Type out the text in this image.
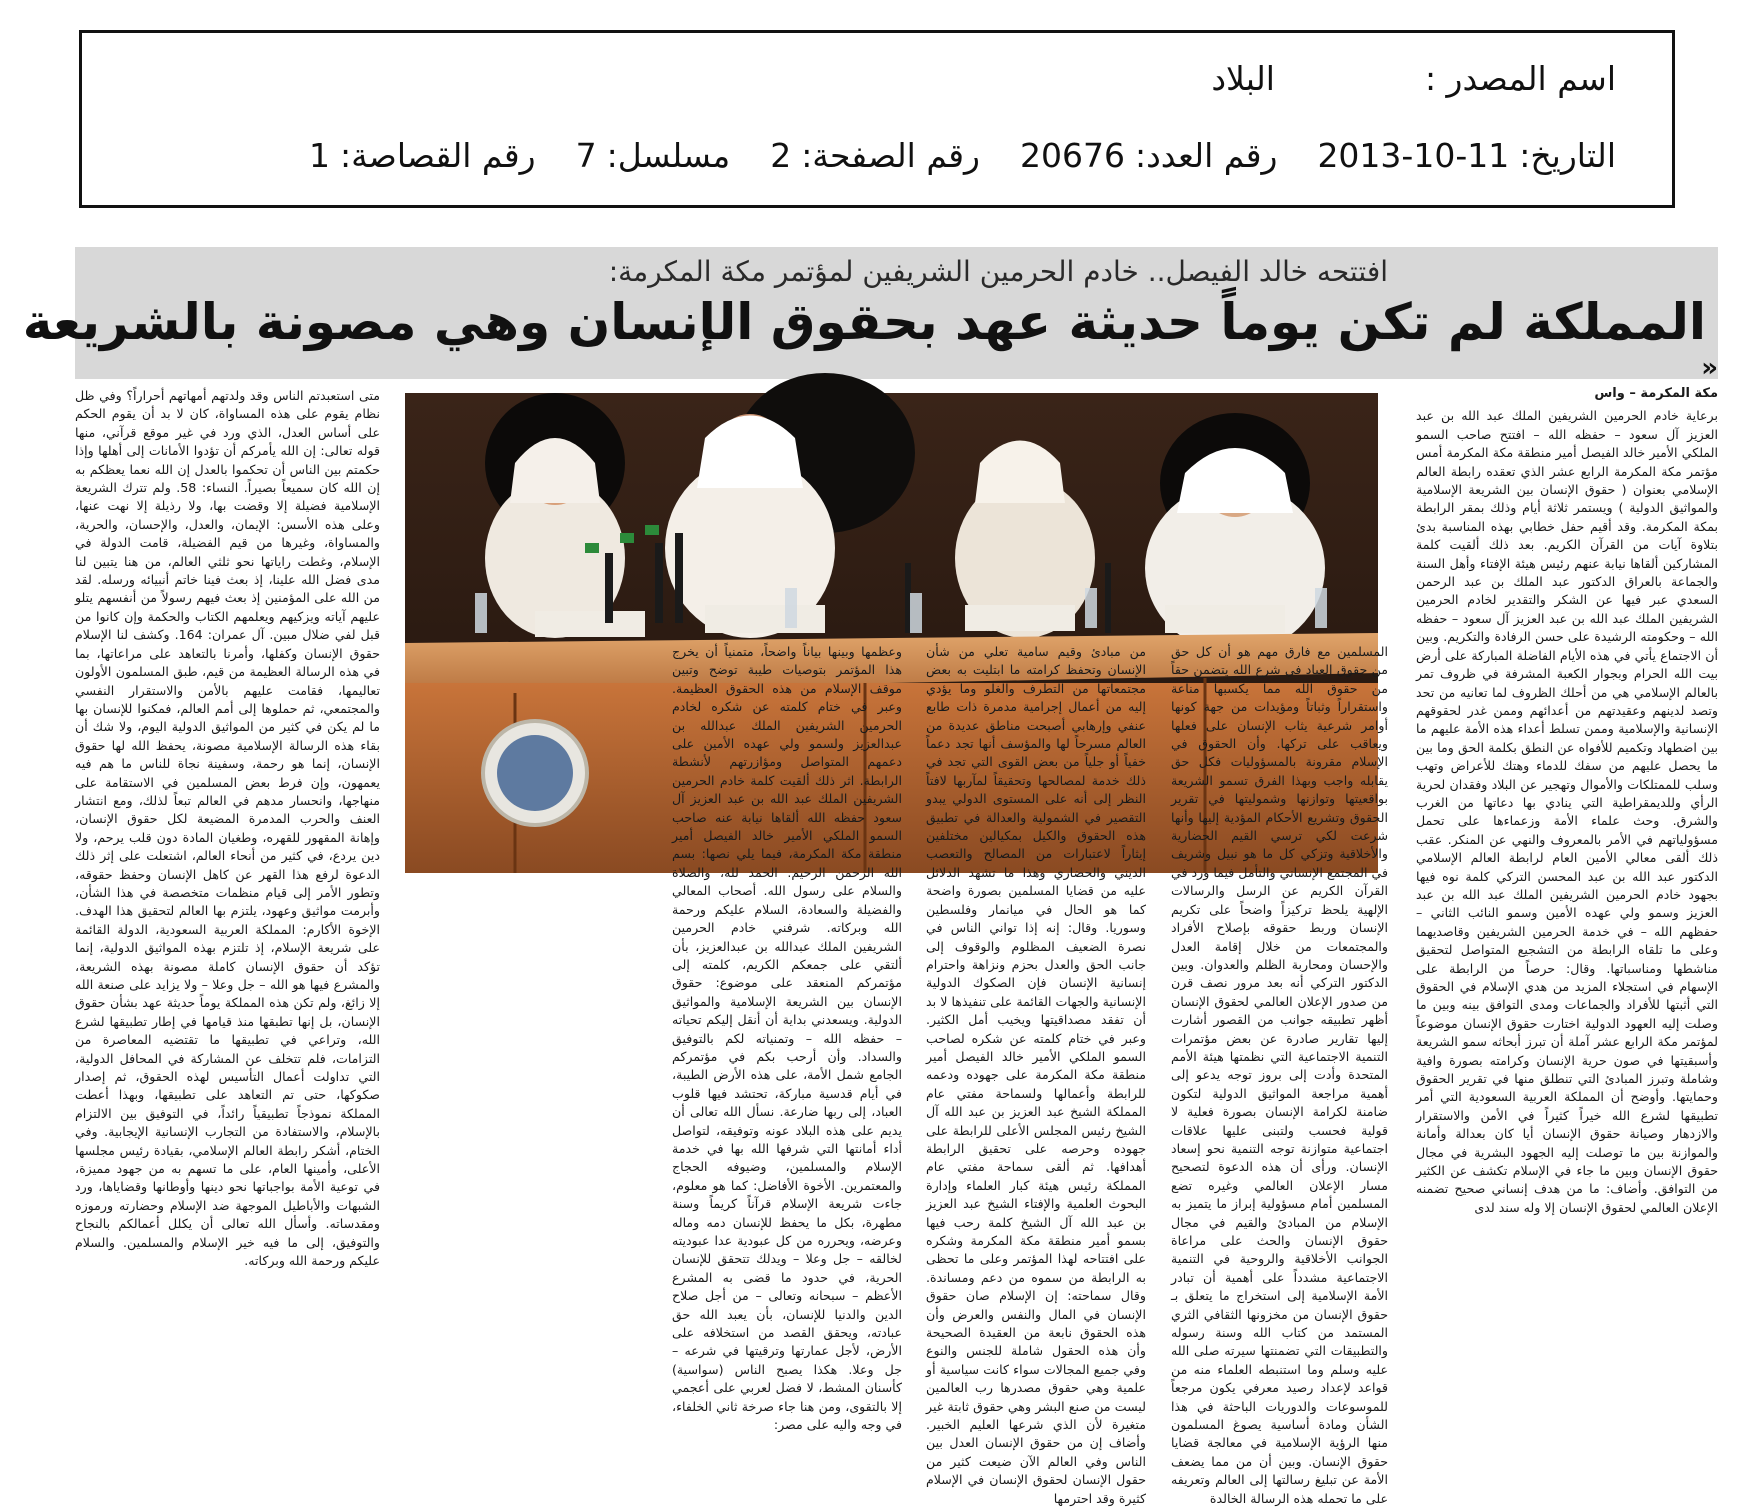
اسم المصدر :
البلاد
التاريخ:
2013-10-11
رقم العدد:
20676
رقم الصفحة:
2
مسلسل:
7
رقم القصاصة:
1
افتتحه خالد الفيصل.. خادم الحرمين الشريفين لمؤتمر مكة المكرمة:
المملكة لم تكن يوماً حديثة عهد بحقوق الإنسان وهي مصونة بالشريعة
«
مكة المكرمة – واس

برعاية خادم الحرمين الشريفين الملك عبد الله بن عبد العزيز آل سعود – حفظه الله – افتتح صاحب السمو الملكي الأمير خالد الفيصل أمير منطقة مكة المكرمة أمس مؤتمر مكة المكرمة الرابع عشر الذي تعقده رابطة العالم الإسلامي بعنوان ( حقوق الإنسان بين الشريعة الإسلامية والمواثيق الدولية ) ويستمر ثلاثة أيام وذلك بمقر الرابطة بمكة المكرمة. وقد أقيم حفل خطابي بهذه المناسبة بدئ بتلاوة آيات من القرآن الكريم. بعد ذلك ألقيت كلمة المشاركين ألقاها نيابة عنهم رئيس هيئة الإفتاء وأهل السنة والجماعة بالعراق الدكتور عبد الملك بن عبد الرحمن السعدي عبر فيها عن الشكر والتقدير لخادم الحرمين الشريفين الملك عبد الله بن عبد العزيز آل سعود – حفظه الله – وحكومته الرشيدة على حسن الرفادة والتكريم. وبين أن الاجتماع يأتي في هذه الأيام الفاضلة المباركة على أرض بيت الله الحرام وبجوار الكعبة المشرفة في ظروف تمر بالعالم الإسلامي هي من أحلك الظروف لما تعانيه من تحد وتصد لدينهم وعقيدتهم من أعدائهم وممن غدر لحقوقهم الإنسانية والإسلامية وممن تسلط أعداء هذه الأمة عليهم ما بين اضطهاد وتكميم للأفواه عن النطق بكلمة الحق وما بين ما يحصل عليهم من سفك للدماء وهتك للأعراض وتهب وسلب للممتلكات والأموال وتهجير عن البلاد وفقدان لحرية الرأي وللديمقراطية التي ينادي بها دعاتها من الغرب والشرق. وحث علماء الأمة وزعماءها على تحمل مسؤولياتهم في الأمر بالمعروف والنهي عن المنكر. عقب ذلك ألقى معالي الأمين العام لرابطة العالم الإسلامي الدكتور عبد الله بن عبد المحسن التركي كلمة نوه فيها بجهود خادم الحرمين الشريفين الملك عبد الله بن عبد العزيز وسمو ولي عهده الأمين وسمو النائب الثاني – حفظهم الله – في خدمة الحرمين الشريفين وقاصديهما وعلى ما تلقاه الرابطة من التشجيع المتواصل لتحقيق مناشطها ومناسباتها. وقال: حرصاً من الرابطة على الإسهام في استجلاء المزيد من هدي الإسلام في الحقوق التي أثبتها للأفراد والجماعات ومدى التوافق بينه وبين ما وصلت إليه العهود الدولية اختارت حقوق الإنسان موضوعاً لمؤتمر مكة الرابع عشر آملة أن تبرز أبحاثه سمو الشريعة وأسبقيتها في صون حرية الإنسان وكرامته بصورة وافية وشاملة وتبرز المبادئ التي تنطلق منها في تقرير الحقوق وحمايتها. وأوضح أن المملكة العربية السعودية التي أمر تطبيقها لشرع الله خيراً كثيراً في الأمن والاستقرار والازدهار وصيانة حقوق الإنسان أيا كان بعدالة وأمانة والموازنة بين ما توصلت إليه الجهود البشرية في مجال حقوق الإنسان وبين ما جاء في الإسلام تكشف عن الكثير من التوافق. وأضاف: ما من هدف إنساني صحيح تضمنه الإعلان العالمي لحقوق الإنسان إلا وله سند لدى

المسلمين مع فارق مهم هو أن كل حق من حقوق العباد في شرع الله يتضمن حقاً من حقوق الله مما يكسبها مناعة واستقراراً وثباتاً ومؤيدات من جهة كونها أوامر شرعية يثاب الإنسان على فعلها ويعاقب على تركها. وأن الحقوق في الإسلام مقرونة بالمسؤوليات فكل حق يقابله واجب وبهذا الفرق تسمو الشريعة بواقعيتها وتوازنها وشموليتها في تقرير الحقوق وتشريع الأحكام المؤدية إليها وأنها شرعت لكي ترسي القيم الحضارية والأخلاقية وتزكي كل ما هو نبيل وشريف في المجتمع الإنساني والتأمل فيما ورد في القرآن الكريم عن الرسل والرسالات الإلهية يلحظ تركيزاً واضحاً على تكريم الإنسان وربط حقوقه بإصلاح الأفراد والمجتمعات من خلال إقامة العدل والإحسان ومحاربة الظلم والعدوان. وبين الدكتور التركي أنه بعد مرور نصف قرن من صدور الإعلان العالمي لحقوق الإنسان أظهر تطبيقه جوانب من القصور أشارت إليها تقارير صادرة عن بعض مؤتمرات التنمية الاجتماعية التي نظمتها هيئة الأمم المتحدة وأدت إلى بروز توجه يدعو إلى أهمية مراجعة المواثيق الدولية لتكون ضامنة لكرامة الإنسان بصورة فعلية لا قولية فحسب ولتبنى عليها علاقات اجتماعية متوازنة توجه التنمية نحو إسعاد الإنسان. ورأى أن هذه الدعوة لتصحيح مسار الإعلان العالمي وغيره تضع المسلمين أمام مسؤولية إبراز ما يتميز به الإسلام من المبادئ والقيم في مجال حقوق الإنسان والحث على مراعاة الجوانب الأخلاقية والروحية في التنمية الاجتماعية مشدداً على أهمية أن تبادر الأمة الإسلامية إلى استخراج ما يتعلق بـ حقوق الإنسان من مخزونها الثقافي الثري المستمد من كتاب الله وسنة رسوله والتطبيقات التي تضمنتها سيرته صلى الله عليه وسلم وما استنبطه العلماء منه من قواعد لإعداد رصيد معرفي يكون مرجعاً للموسوعات والدوريات الباحثة في هذا الشأن ومادة أساسية يصوغ المسلمون منها الرؤية الإسلامية في معالجة قضايا حقوق الإنسان. وبين أن من مما يضعف الأمة عن تبليغ رسالتها إلى العالم وتعريفه على ما تحمله هذه الرسالة الخالدة

من مبادئ وقيم سامية تعلي من شأن الإنسان وتحفظ كرامته ما ابتليت به بعض مجتمعاتها من التطرف والغلو وما يؤدي إليه من أعمال إجرامية مدمرة ذات طابع عنفي وإرهابي أصبحت مناطق عديدة من العالم مسرحاً لها والمؤسف أنها تجد دعماً خفياً أو جلياً من بعض القوى التي تجد في ذلك خدمة لمصالحها وتحقيقاً لمآربها لافتاً النظر إلى أنه على المستوى الدولي يبدو التقصير في الشمولية والعدالة في تطبيق هذه الحقوق والكيل بمكيالين مختلفين إيثاراً لاعتبارات من المصالح والتعصب الديني والحضاري وهذا ما تشهد الدلائل عليه من قضايا المسلمين بصورة واضحة كما هو الحال في ميانمار وفلسطين وسوريا. وقال: إنه إذا تواني الناس في نصرة الضعيف المظلوم والوقوف إلى جانب الحق والعدل بحزم ونزاهة واحترام إنسانية الإنسان فإن الصكوك الدولية الإنسانية والجهات القائمة على تنفيذها لا بد أن تفقد مصداقيتها ويخيب أمل الكثير. وعبر في ختام كلمته عن شكره لصاحب السمو الملكي الأمير خالد الفيصل أمير منطقة مكة المكرمة على جهوده ودعمه للرابطة وأعمالها ولسماحة مفتي عام المملكة الشيخ عبد العزيز بن عبد الله آل الشيخ رئيس المجلس الأعلى للرابطة على جهوده وحرصه على تحقيق الرابطة أهدافها. ثم ألقى سماحة مفتي عام المملكة رئيس هيئة كبار العلماء وإدارة البحوث العلمية والإفتاء الشيخ عبد العزيز بن عبد الله آل الشيخ كلمة رحب فيها بسمو أمير منطقة مكة المكرمة وشكره على افتتاحه لهذا المؤتمر وعلى ما تحظى به الرابطة من سموه من دعم ومساندة. وقال سماحته: إن الإسلام صان حقوق الإنسان في المال والنفس والعرض وأن هذه الحقوق نابعة من العقيدة الصحيحة وأن هذه الحقول شاملة للجنس والنوع وفي جميع المجالات سواء كانت سياسية أو علمية وهي حقوق مصدرها رب العالمين ليست من صنع البشر وهي حقوق ثابتة غير متغيرة لأن الذي شرعها العليم الخبير. وأضاف إن من حقوق الإنسان العدل بين الناس وفي العالم الآن ضيعت كثير من حقول الإنسان لحقوق الإنسان في الإسلام كثيرة وقد احترمها

وعظمها وبينها بياناً واضحاً، متمنياً أن يخرج هذا المؤتمر بتوصيات طيبة توضح وتبين موقف الإسلام من هذه الحقوق العظيمة. وعبر في ختام كلمته عن شكره لخادم الحرمين الشريفين الملك عبدالله بن عبدالعزيز ولسمو ولي عهده الأمين على دعمهم المتواصل ومؤازرتهم لأنشطة الرابطة. اثر ذلك ألقيت كلمة خادم الحرمين الشريفين الملك عبد الله بن عبد العزيز آل سعود حفظه الله ألقاها نيابة عنه صاحب السمو الملكي الأمير خالد الفيصل أمير منطقة مكة المكرمة، فيما يلي نصها: بسم الله الرحمن الرحيم. الحمد لله، والصلاة والسلام على رسول الله. أصحاب المعالي والفضيلة والسعادة، السلام عليكم ورحمة الله وبركاته. شرفني خادم الحرمين الشريفين الملك عبدالله بن عبدالعزيز، بأن ألتقي على جمعكم الكريم، كلمته إلى مؤتمركم المنعقد على موضوع: حقوق الإنسان بين الشريعة الإسلامية والمواثيق الدولية. ويسعدني بداية أن أنقل إليكم تحياته – حفظه الله – وتمنياته لكم بالتوفيق والسداد. وأن أرحب بكم في مؤتمركم الجامع شمل الأمة، على هذه الأرض الطيبة، في أيام قدسية مباركة، تحتشد فيها قلوب العباد، إلى ربها ضارعة. نسأل الله تعالى أن يديم على هذه البلاد عونه وتوفيقه، لتواصل أداء أمانتها التي شرفها الله بها في خدمة الإسلام والمسلمين، وضيوفه الحجاج والمعتمرين. الأخوة الأفاضل: كما هو معلوم، جاءت شريعة الإسلام قرآناً كريماً وسنة مطهرة، بكل ما يحفظ للإنسان دمه وماله وعرضه، ويحرره من كل عبودية عدا عبوديته لخالقه – جل وعلا – ويدلك تتحقق للإنسان الحرية، في حدود ما قضى به المشرع الأعظم – سبحانه وتعالى – من أجل صلاح الدين والدنيا للإنسان، بأن يعبد الله حق عبادته، ويحقق القصد من استخلافه على الأرض، لأجل عمارتها وترقيتها في شرعه – جل وعلا. هكذا يصبح الناس (سواسية) كأسنان المشط، لا فضل لعربي على أعجمي إلا بالتقوى، ومن هنا جاء صرخة ثاني الخلفاء، في وجه واليه على مصر:

متى استعبدتم الناس وقد ولدتهم أمهاتهم أحراراً؟ وفي ظل نظام يقوم على هذه المساواة، كان لا بد أن يقوم الحكم على أساس العدل، الذي ورد في غير موقع قرآني، منها قوله تعالى: إن الله يأمركم أن تؤدوا الأمانات إلى أهلها وإذا حكمتم بين الناس أن تحكموا بالعدل إن الله نعما يعظكم به إن الله كان سميعاً بصيراً. النساء: 58. ولم تترك الشريعة الإسلامية فضيلة إلا وقضت بها، ولا رذيلة إلا نهت عنها، وعلى هذه الأسس: الإيمان، والعدل، والإحسان، والحرية، والمساواة، وغيرها من قيم الفضيلة، قامت الدولة في الإسلام، وغطت راياتها نحو ثلثي العالم، من هنا يتبين لنا مدى فضل الله علينا، إذ بعث فينا خاتم أنبيائه ورسله. لقد من الله على المؤمنين إذ بعث فيهم رسولاً من أنفسهم يتلو عليهم آياته ويزكيهم ويعلمهم الكتاب والحكمة وإن كانوا من قبل لفي ضلال مبين. آل عمران: 164. وكشف لنا الإسلام حقوق الإنسان وكفلها، وأمرنا بالتعاهد على مراعاتها، بما في هذه الرسالة العظيمة من قيم، طبق المسلمون الأولون تعاليمها، فقامت عليهم بالأمن والاستقرار النفسي والمجتمعي، ثم حملوها إلى أمم العالم، فمكنوا للإنسان بها ما لم يكن في كثير من المواثيق الدولية اليوم، ولا شك أن بقاء هذه الرسالة الإسلامية مصونة، يحفظ الله لها حقوق الإنسان، إنما هو رحمة، وسفينة نجاة للناس ما هم فيه يعمهون، وإن فرط بعض المسلمين في الاستقامة على منهاجها، وانحسار مدهم في العالم تبعاً لذلك، ومع انتشار العنف والحرب المدمرة المضيعة لكل حقوق الإنسان، وإهانة المقهور للقهره، وطغيان المادة دون قلب يرحم، ولا دين يردع، في كثير من أنحاء العالم، اشتعلت على إثر ذلك الدعوة لرفع هذا القهر عن كاهل الإنسان وحفظ حقوقه، وتطور الأمر إلى قيام منظمات متخصصة في هذا الشأن، وأبرمت مواثيق وعهود، يلتزم بها العالم لتحقيق هذا الهدف. الإخوة الأكارم: المملكة العربية السعودية، الدولة القائمة على شريعة الإسلام، إذ تلتزم بهذه المواثيق الدولية، إنما تؤكد أن حقوق الإنسان كاملة مصونة بهذه الشريعة، والمشرع فيها هو الله – جل وعلا – ولا يزايد على صنعة الله إلا زائغ، ولم تكن هذه المملكة يوماً حديثة عهد بشأن حقوق الإنسان، بل إنها تطبقها منذ قيامها في إطار تطبيقها لشرع الله، وتراعي في تطبيقها ما تقتضيه المعاصرة من التزامات، فلم تتخلف عن المشاركة في المحافل الدولية، التي تداولت أعمال التأسيس لهذه الحقوق، ثم إصدار صكوكها، حتى تم التعاهد على تطبيقها، وبهذا أعطت المملكة نموذجاً تطبيقياً رائداً، في التوفيق بين الالتزام بالإسلام، والاستفادة من التجارب الإنسانية الإيجابية. وفي الختام، أشكر رابطة العالم الإسلامي، بقيادة رئيس مجلسها الأعلى، وأمينها العام، على ما تسهم به من جهود مميزة، في توعية الأمة بواجباتها نحو دينها وأوطانها وقضاياها، ورد الشبهات والأباطيل الموجهة ضد الإسلام وحضارته ورموزه ومقدساته. وأسأل الله تعالى أن يكلل أعمالكم بالنجاح والتوفيق، إلى ما فيه خير الإسلام والمسلمين. والسلام عليكم ورحمة الله وبركاته.
